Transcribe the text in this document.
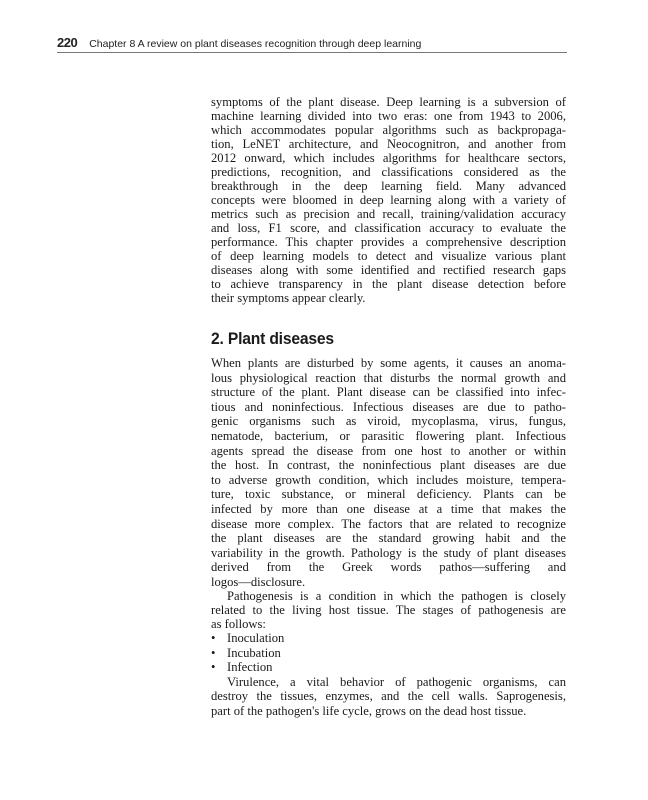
220 Chapter 8 A review on plant diseases recognition through deep learning
symptoms of the plant disease. Deep learning is a subversion of
machine learning divided into two eras: one from 1943 to 2006,
which accommodates popular algorithms such as backpropaga-
tion, LeNET architecture, and Neocognitron, and another from
2012 onward, which includes algorithms for healthcare sectors,
predictions, recognition, and classifications considered as the
breakthrough in the deep learning field. Many advanced
concepts were bloomed in deep learning along with a variety of
metrics such as precision and recall, training/validation accuracy
and loss, F1 score, and classification accuracy to evaluate the
performance. This chapter provides a comprehensive description
of deep learning models to detect and visualize various plant
diseases along with some identified and rectified research gaps
to achieve transparency in the plant disease detection before
their symptoms appear clearly.
2. Plant diseases
When plants are disturbed by some agents, it causes an anoma-
lous physiological reaction that disturbs the normal growth and
structure of the plant. Plant disease can be classified into infec-
tious and noninfectious. Infectious diseases are due to patho-
genic organisms such as viroid, mycoplasma, virus, fungus,
nematode, bacterium, or parasitic flowering plant. Infectious
agents spread the disease from one host to another or within
the host. In contrast, the noninfectious plant diseases are due
to adverse growth condition, which includes moisture, tempera-
ture, toxic substance, or mineral deficiency. Plants can be
infected by more than one disease at a time that makes the
disease more complex. The factors that are related to recognize
the plant diseases are the standard growing habit and the
variability in the growth. Pathology is the study of plant diseases
derived from the Greek words pathos—suffering and
logos—disclosure.
Pathogenesis is a condition in which the pathogen is closely
related to the living host tissue. The stages of pathogenesis are
as follows:
• Inoculation
• Incubation
• Infection
Virulence, a vital behavior of pathogenic organisms, can
destroy the tissues, enzymes, and the cell walls. Saprogenesis,
part of the pathogen's life cycle, grows on the dead host tissue.
